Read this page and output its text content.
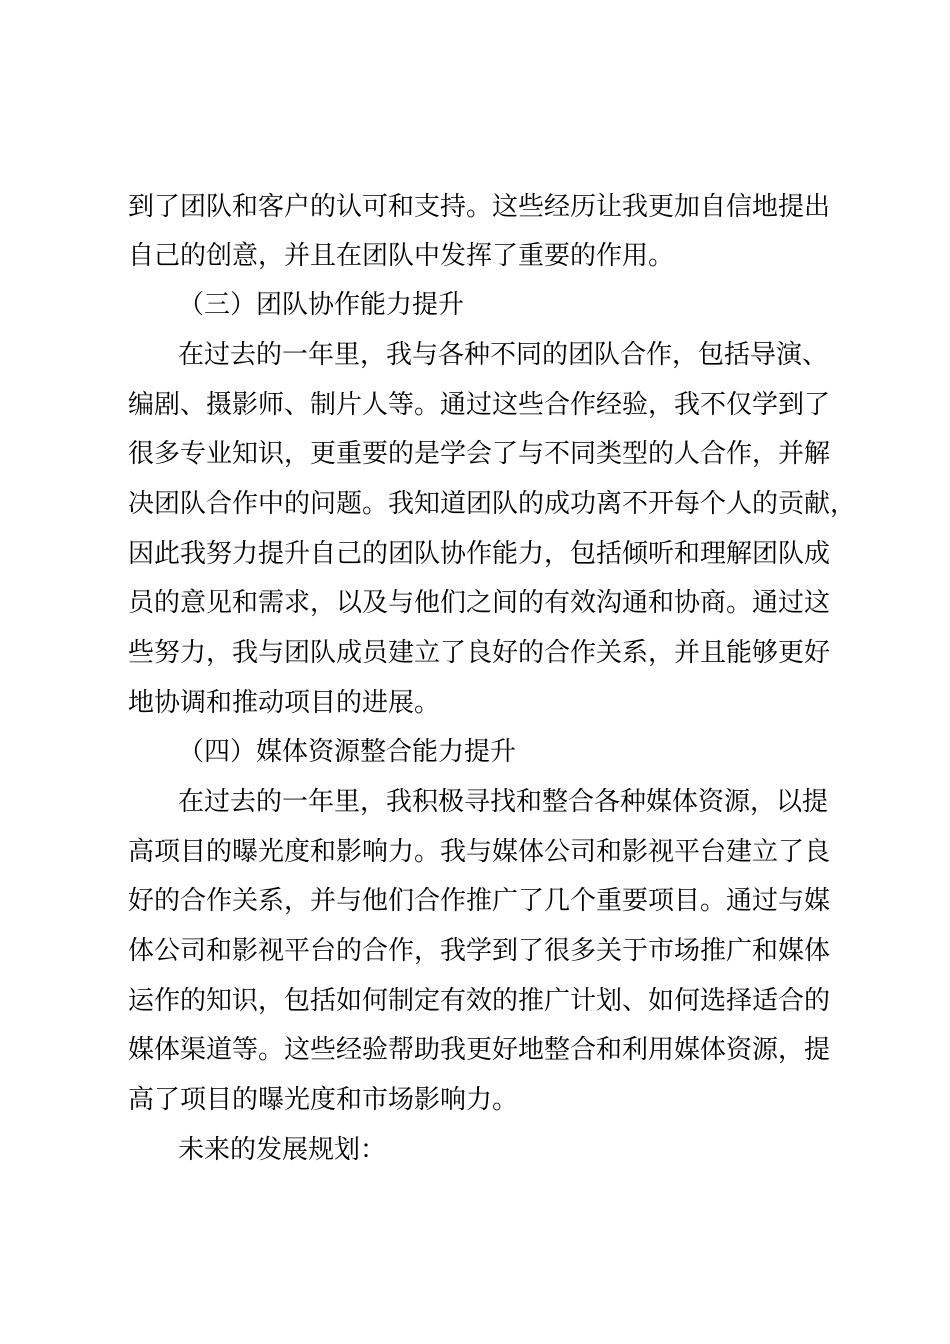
到了团队和客户的认可和支持。这些经历让我更加自信地提出
自己的创意，并且在团队中发挥了重要的作用。
（三）团队协作能力提升
在过去的一年里，我与各种不同的团队合作，包括导演、
编剧、摄影师、制片人等。通过这些合作经验，我不仅学到了
很多专业知识，更重要的是学会了与不同类型的人合作，并解
决团队合作中的问题。我知道团队的成功离不开每个人的贡献，
因此我努力提升自己的团队协作能力，包括倾听和理解团队成
员的意见和需求，以及与他们之间的有效沟通和协商。通过这
些努力，我与团队成员建立了良好的合作关系，并且能够更好
地协调和推动项目的进展。
（四）媒体资源整合能力提升
在过去的一年里，我积极寻找和整合各种媒体资源，以提
高项目的曝光度和影响力。我与媒体公司和影视平台建立了良
好的合作关系，并与他们合作推广了几个重要项目。通过与媒
体公司和影视平台的合作，我学到了很多关于市场推广和媒体
运作的知识，包括如何制定有效的推广计划、如何选择适合的
媒体渠道等。这些经验帮助我更好地整合和利用媒体资源，提
高了项目的曝光度和市场影响力。
未来的发展规划：
